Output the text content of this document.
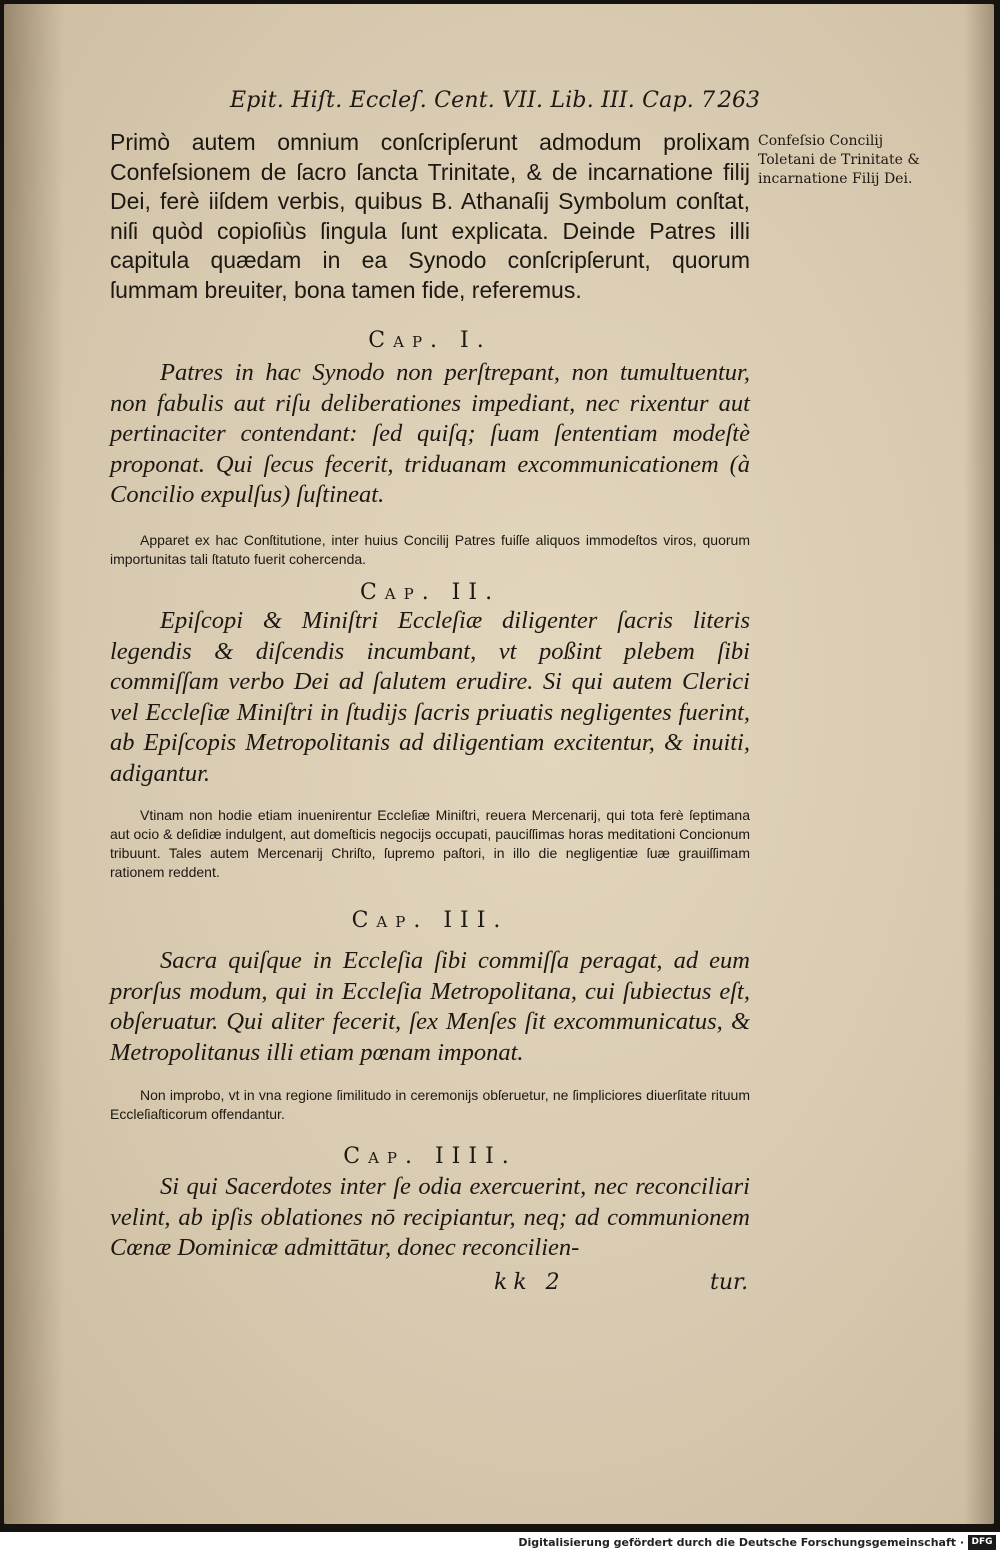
Epit. Hiſt. Eccleſ. Cent. VII. Lib. III. Cap. 7.
263
Primò autem omnium conſcripſerunt admodum prolixam Confeſsionem de ſacro ſancta Trinitate, & de incarnatione filij Dei, ferè iiſdem verbis, quibus B. Athanaſij Symbolum conſtat, niſi quòd copioſiùs ſingula ſunt explicata. Deinde Patres illi capitula quædam in ea Synodo conſcripſerunt, quorum ſummam breuiter, bona tamen fide, referemus.
Confeſsio Concilij Toletani de Trinitate & incarnatione Filij Dei.
Cap. I.
Patres in hac Synodo non perſtrepant, non tumultuentur, non fabulis aut riſu deliberationes impediant, nec rixentur aut pertinaciter contendant: ſed quiſq; ſuam ſententiam modeſtè proponat. Qui ſecus fecerit, triduanam excommunicationem (à Concilio expulſus) ſuſtineat.
Apparet ex hac Conſtitutione, inter huius Concilij Patres fuiſſe aliquos immodeſtos viros, quorum importunitas tali ſtatuto fuerit cohercenda.
Cap. II.
Epiſcopi & Miniſtri Eccleſiæ diligenter ſacris literis legendis & diſcendis incumbant, vt poßint plebem ſibi commiſſam verbo Dei ad ſalutem erudire. Si qui autem Clerici vel Eccleſiæ Miniſtri in ſtudijs ſacris priuatis negligentes fuerint, ab Epiſcopis Metropolitanis ad diligentiam excitentur, & inuiti, adigantur.
Vtinam non hodie etiam inuenirentur Eccleſiæ Miniſtri, reuera Mercenarij, qui tota ferè ſeptimana aut ocio & deſidiæ indulgent, aut domeſticis negocijs occupati, pauciſſimas horas meditationi Concionum tribuunt. Tales autem Mercenarij Chriſto, ſupremo paſtori, in illo die negligentiæ ſuæ grauiſſimam rationem reddent.
Cap. III.
Sacra quiſque in Eccleſia ſibi commiſſa peragat, ad eum prorſus modum, qui in Eccleſia Metropolitana, cui ſubiectus eſt, obſeruatur. Qui aliter fecerit, ſex Menſes ſit excommunicatus, & Metropolitanus illi etiam pœnam imponat.
Non improbo, vt in vna regione ſimilitudo in ceremonijs obſeruetur, ne ſimpliciores diuerſitate rituum Eccleſiaſticorum offendantur.
Cap. IIII.
Si qui Sacerdotes inter ſe odia exercuerint, nec reconciliari velint, ab ipſis oblationes nō recipiantur, neq; ad communionem Cœnæ Dominicæ admittātur, donec reconcilien-
kk 2	tur.
Digitalisierung gefördert durch die Deutsche Forschungsgemeinschaft · DFG
